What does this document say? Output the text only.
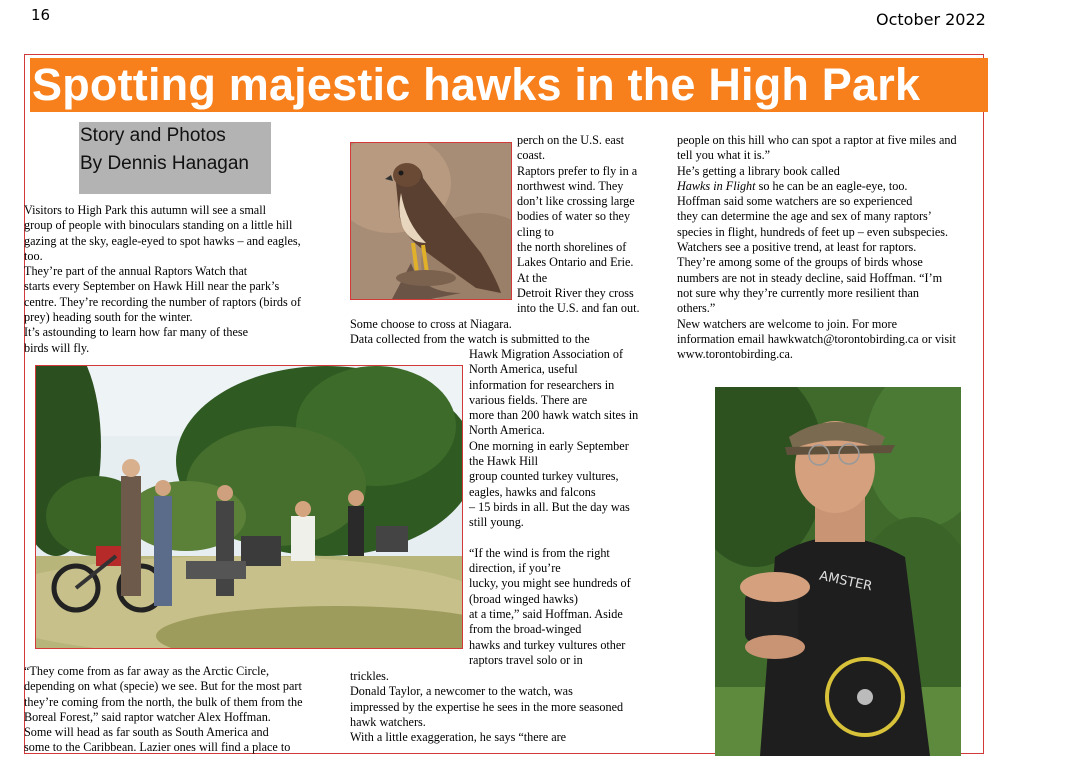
16	October 2022
Spotting majestic hawks in the High Park
Story and Photos
By Dennis Hanagan
Visitors to High Park this autumn will see a small
group of people with binoculars standing on a little hill
gazing at the sky, eagle-eyed to spot hawks – and eagles,
too.
They’re part of the annual Raptors Watch that
starts every September on Hawk Hill near the park’s
centre. They’re recording the number of raptors (birds of
prey) heading south for the winter.
It’s astounding to learn how far many of these
birds will fly.
“They come from as far away as the Arctic Circle,
depending on what (specie) we see. But for the most part
they’re coming from the north, the bulk of them from the
Boreal Forest,” said raptor watcher Alex Hoffman.
Some will head as far south as South America and
some to the Caribbean. Lazier ones will find a place to
perch on the U.S. east
coast.
Raptors prefer to fly in a
northwest wind. They
don’t like crossing large
bodies of water so they
cling to
the north shorelines of
Lakes Ontario and Erie.
At the
Detroit River they cross
into the U.S. and fan out.
Some choose to cross at Niagara.
Data collected from the watch is submitted to the
Hawk Migration Association of
North America, useful
information for researchers in
various fields. There are
more than 200 hawk watch sites in
North America.
One morning in early September
the Hawk Hill
group counted turkey vultures,
eagles, hawks and falcons
– 15 birds in all. But the day was
still young.
“If the wind is from the right
direction, if you’re
lucky, you might see hundreds of
(broad winged hawks)
at a time,” said Hoffman. Aside
from the broad-winged
hawks and turkey vultures other
raptors travel solo or in
trickles.
Donald Taylor, a newcomer to the watch, was
impressed by the expertise he sees in the more seasoned
hawk watchers.
With a little exaggeration, he says “there are
people on this hill who can spot a raptor at five miles and
tell you what it is.”
He’s getting a library book called
Hawks in Flight so he can be an eagle-eye, too.
Hoffman said some watchers are so experienced
they can determine the age and sex of many raptors’
species in flight, hundreds of feet up – even subspecies.
Watchers see a positive trend, at least for raptors.
They’re among some of the groups of birds whose
numbers are not in steady decline, said Hoffman. “I’m
not sure why they’re currently more resilient than
others.”
New watchers are welcome to join. For more
information email hawkwatch@torontobirding.ca or visit
www.torontobirding.ca.
AMSTER
